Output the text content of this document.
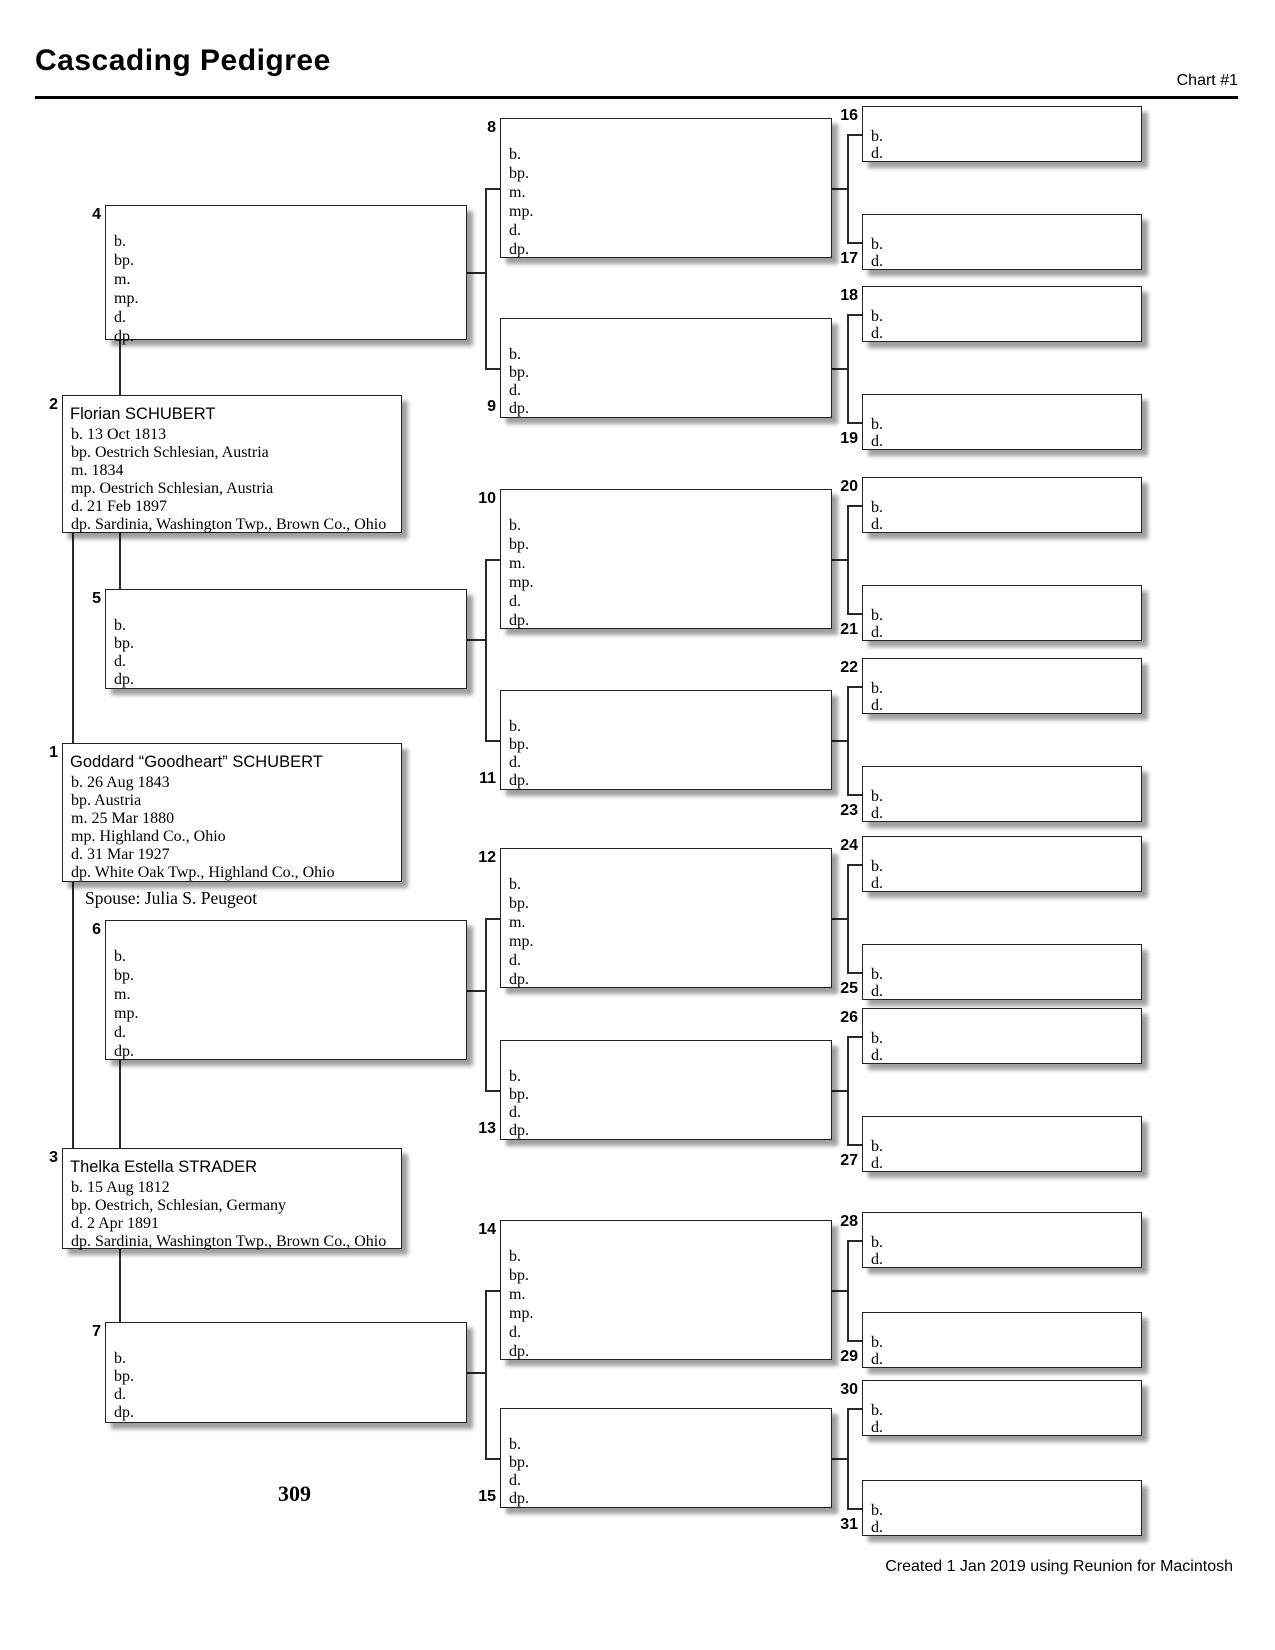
Cascading Pedigree
Chart #1
Goddard “Goodheart” SCHUBERT
b. 26 Aug 1843
bp. Austria
m. 25 Mar 1880
mp. Highland Co., Ohio
d. 31 Mar 1927
dp. White Oak Twp., Highland Co., Ohio
1
Florian SCHUBERT
b. 13 Oct 1813
bp. Oestrich Schlesian, Austria
m. 1834
mp. Oestrich Schlesian, Austria
d. 21 Feb 1897
dp. Sardinia, Washington Twp., Brown Co., Ohio
2
Thelka Estella STRADER
b. 15 Aug 1812
bp. Oestrich, Schlesian, Germany
d. 2 Apr 1891
dp. Sardinia, Washington Twp., Brown Co., Ohio
3
b.
bp.
m.
mp.
d.
dp.
4
b.
bp.
d.
dp.
5
b.
bp.
m.
mp.
d.
dp.
6
b.
bp.
d.
dp.
7
b.
bp.
m.
mp.
d.
dp.
8
b.
bp.
d.
dp.
9
b.
bp.
m.
mp.
d.
dp.
10
b.
bp.
d.
dp.
11
b.
bp.
m.
mp.
d.
dp.
12
b.
bp.
d.
dp.
13
b.
bp.
m.
mp.
d.
dp.
14
b.
bp.
d.
dp.
15
b.
d.
16
b.
d.
17
b.
d.
18
b.
d.
19
b.
d.
20
b.
d.
21
b.
d.
22
b.
d.
23
b.
d.
24
b.
d.
25
b.
d.
26
b.
d.
27
b.
d.
28
b.
d.
29
b.
d.
30
b.
d.
31
Spouse: Julia S. Peugeot
309
Created 1 Jan 2019 using Reunion for Macintosh
